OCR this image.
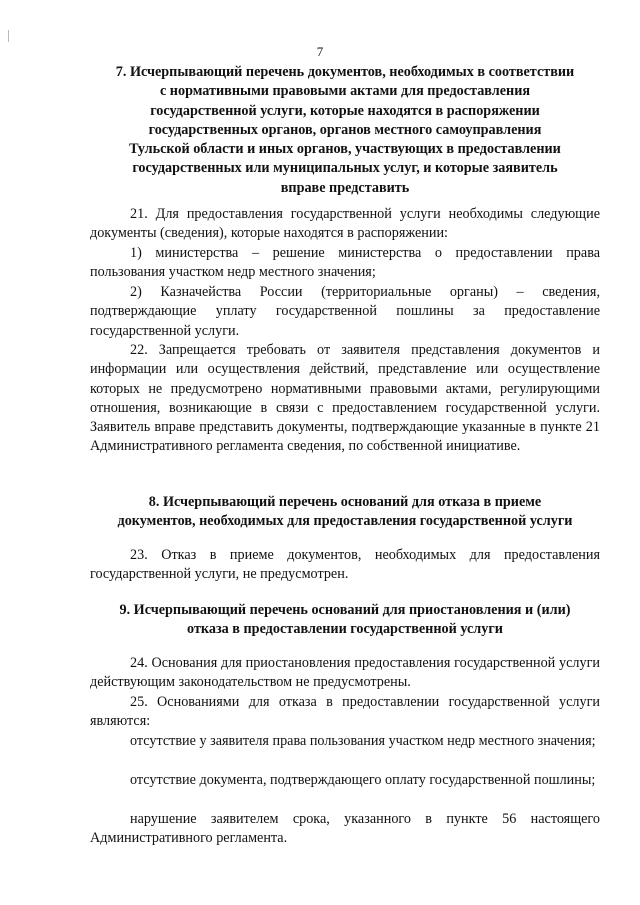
7
7. Исчерпывающий перечень документов, необходимых в соответствии
с нормативными правовыми актами для предоставления
государственной услуги, которые находятся в распоряжении
государственных органов, органов местного самоуправления
Тульской области и иных органов, участвующих в предоставлении
государственных или муниципальных услуг, и которые заявитель
вправе представить
21. Для предоставления государственной услуги необходимы следующие документы (сведения), которые находятся в распоряжении:
1) министерства – решение министерства о предоставлении права пользования участком недр местного значения;
2) Казначейства России (территориальные органы) – сведения, подтверждающие уплату государственной пошлины за предоставление государственной услуги.
22. Запрещается требовать от заявителя представления документов и информации или осуществления действий, представление или осуществление которых не предусмотрено нормативными правовыми актами, регулирующими отношения, возникающие в связи с предоставлением государственной услуги. Заявитель вправе представить документы, подтверждающие указанные в пункте 21 Административного регламента сведения, по собственной инициативе.
8. Исчерпывающий перечень оснований для отказа в приеме
документов, необходимых для предоставления государственной услуги
23. Отказ в приеме документов, необходимых для предоставления государственной услуги, не предусмотрен.
9. Исчерпывающий перечень оснований для приостановления и (или)
отказа в предоставлении государственной услуги
24. Основания для приостановления предоставления государственной услуги действующим законодательством не предусмотрены.
25. Основаниями для отказа в предоставлении государственной услуги являются:
отсутствие у заявителя права пользования участком недр местного значения;
отсутствие документа, подтверждающего оплату государственной пошлины;
нарушение заявителем срока, указанного в пункте 56 настоящего Административного регламента.
